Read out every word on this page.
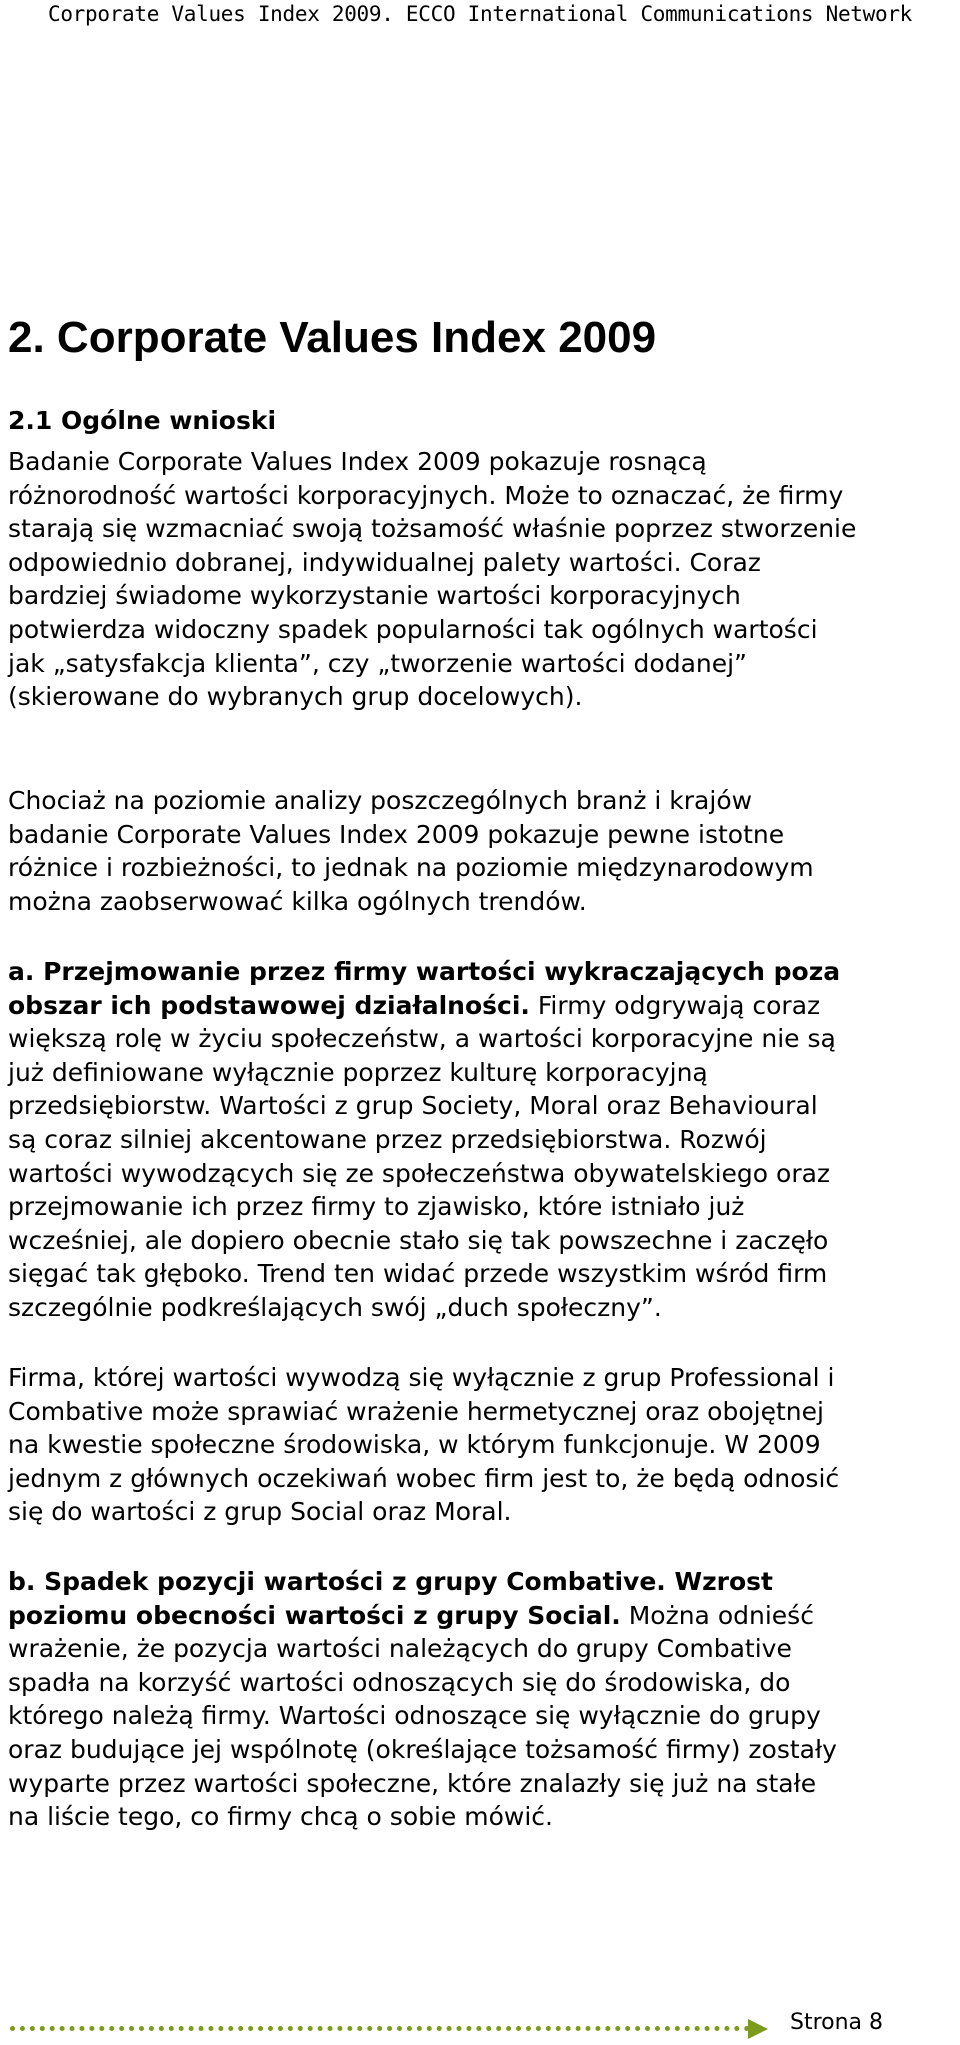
Corporate Values Index 2009. ECCO International Communications Network
2. Corporate Values Index 2009
2.1 Ogólne wnioski

Badanie Corporate Values Index 2009 pokazuje rosnącą
różnorodność wartości korporacyjnych. Może to oznaczać, że firmy
starają się wzmacniać swoją tożsamość właśnie poprzez stworzenie
odpowiednio dobranej, indywidualnej palety wartości. Coraz
bardziej świadome wykorzystanie wartości korporacyjnych
potwierdza widoczny spadek popularności tak ogólnych wartości
jak „satysfakcja klienta”, czy „tworzenie wartości dodanej”
(skierowane do wybranych grup docelowych).

Chociaż na poziomie analizy poszczególnych branż i krajów
badanie Corporate Values Index 2009 pokazuje pewne istotne
różnice i rozbieżności, to jednak na poziomie międzynarodowym
można zaobserwować kilka ogólnych trendów.

a. Przejmowanie przez firmy wartości wykraczających poza
obszar ich podstawowej działalności. Firmy odgrywają coraz
większą rolę w życiu społeczeństw, a wartości korporacyjne nie są
już definiowane wyłącznie poprzez kulturę korporacyjną
przedsiębiorstw. Wartości z grup Society, Moral oraz Behavioural
są coraz silniej akcentowane przez przedsiębiorstwa. Rozwój
wartości wywodzących się ze społeczeństwa obywatelskiego oraz
przejmowanie ich przez firmy to zjawisko, które istniało już
wcześniej, ale dopiero obecnie stało się tak powszechne i zaczęło
sięgać tak głęboko. Trend ten widać przede wszystkim wśród firm
szczególnie podkreślających swój „duch społeczny”.

Firma, której wartości wywodzą się wyłącznie z grup Professional i
Combative może sprawiać wrażenie hermetycznej oraz obojętnej
na kwestie społeczne środowiska, w którym funkcjonuje. W 2009
jednym z głównych oczekiwań wobec firm jest to, że będą odnosić
się do wartości z grup Social oraz Moral.

b. Spadek pozycji wartości z grupy Combative. Wzrost
poziomu obecności wartości z grupy Social. Można odnieść
wrażenie, że pozycja wartości należących do grupy Combative
spadła na korzyść wartości odnoszących się do środowiska, do
którego należą firmy. Wartości odnoszące się wyłącznie do grupy
oraz budujące jej wspólnotę (określające tożsamość firmy) zostały
wyparte przez wartości społeczne, które znalazły się już na stałe
na liście tego, co firmy chcą o sobie mówić.

Strona 8
